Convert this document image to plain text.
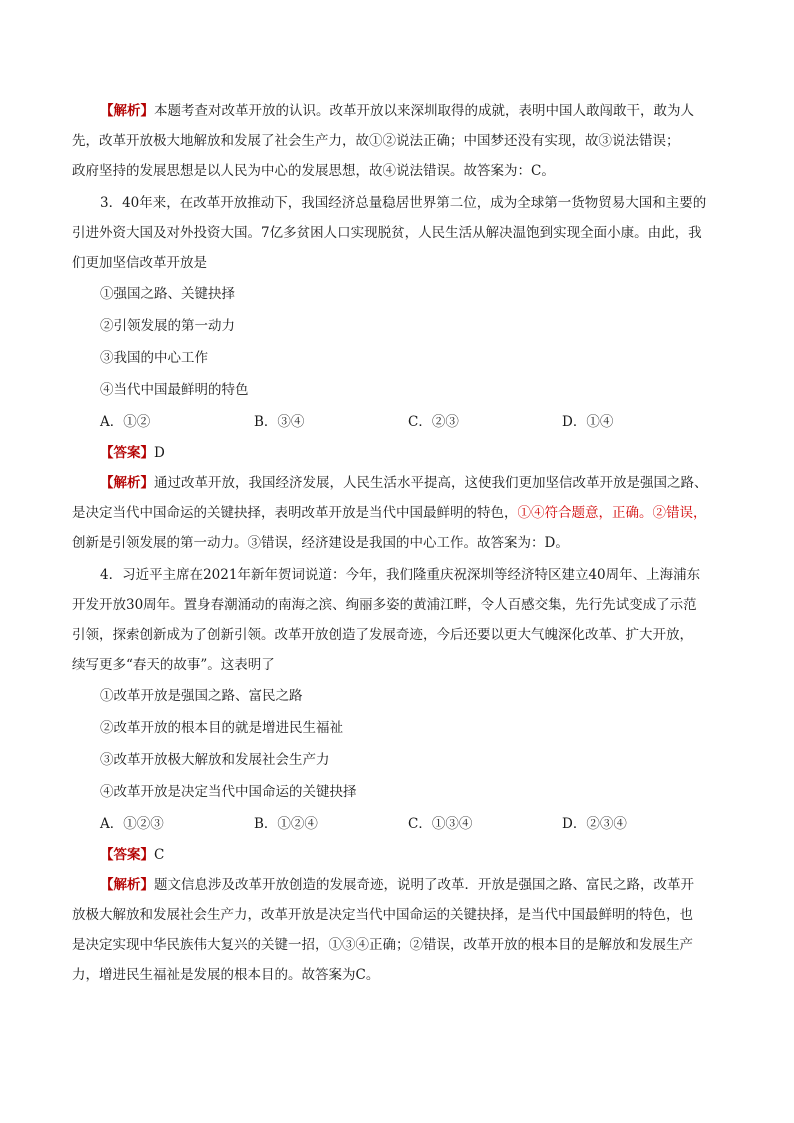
【解析】本题考查对改革开放的认识。改革开放以来深圳取得的成就，表明中国人敢闯敢干，敢为人

先，改革开放极大地解放和发展了社会生产力，故①②说法正确；中国梦还没有实现，故③说法错误；

政府坚持的发展思想是以人民为中心的发展思想，故④说法错误。故答案为：C。

3．40年来，在改革开放推动下，我国经济总量稳居世界第二位，成为全球第一货物贸易大国和主要的

引进外资大国及对外投资大国。7亿多贫困人口实现脱贫，人民生活从解决温饱到实现全面小康。由此，我

们更加坚信改革开放是

①强国之路、关键抉择

②引领发展的第一动力

③我国的中心工作

④当代中国最鲜明的特色

A．①②	B．③④	C．②③	D．①④

【答案】D

【解析】通过改革开放，我国经济发展，人民生活水平提高，这使我们更加坚信改革开放是强国之路、

是决定当代中国命运的关键抉择，表明改革开放是当代中国最鲜明的特色，①④符合题意，正确。②错误，

创新是引领发展的第一动力。③错误，经济建设是我国的中心工作。故答案为：D。

4．习近平主席在2021年新年贺词说道：今年，我们隆重庆祝深圳等经济特区建立40周年、上海浦东

开发开放30周年。置身春潮涌动的南海之滨、绚丽多姿的黄浦江畔，令人百感交集，先行先试变成了示范

引领，探索创新成为了创新引领。改革开放创造了发展奇迹，今后还要以更大气魄深化改革、扩大开放，

续写更多“春天的故事”。这表明了

①改革开放是强国之路、富民之路

②改革开放的根本目的就是增进民生福祉

③改革开放极大解放和发展社会生产力

④改革开放是决定当代中国命运的关键抉择

A．①②③	B．①②④	C．①③④	D．②③④

【答案】C

【解析】题文信息涉及改革开放创造的发展奇迹，说明了改革．开放是强国之路、富民之路，改革开

放极大解放和发展社会生产力，改革开放是决定当代中国命运的关键抉择，是当代中国最鲜明的特色，也

是决定实现中华民族伟大复兴的关键一招，①③④正确；②错误，改革开放的根本目的是解放和发展生产

力，增进民生福祉是发展的根本目的。故答案为C。
